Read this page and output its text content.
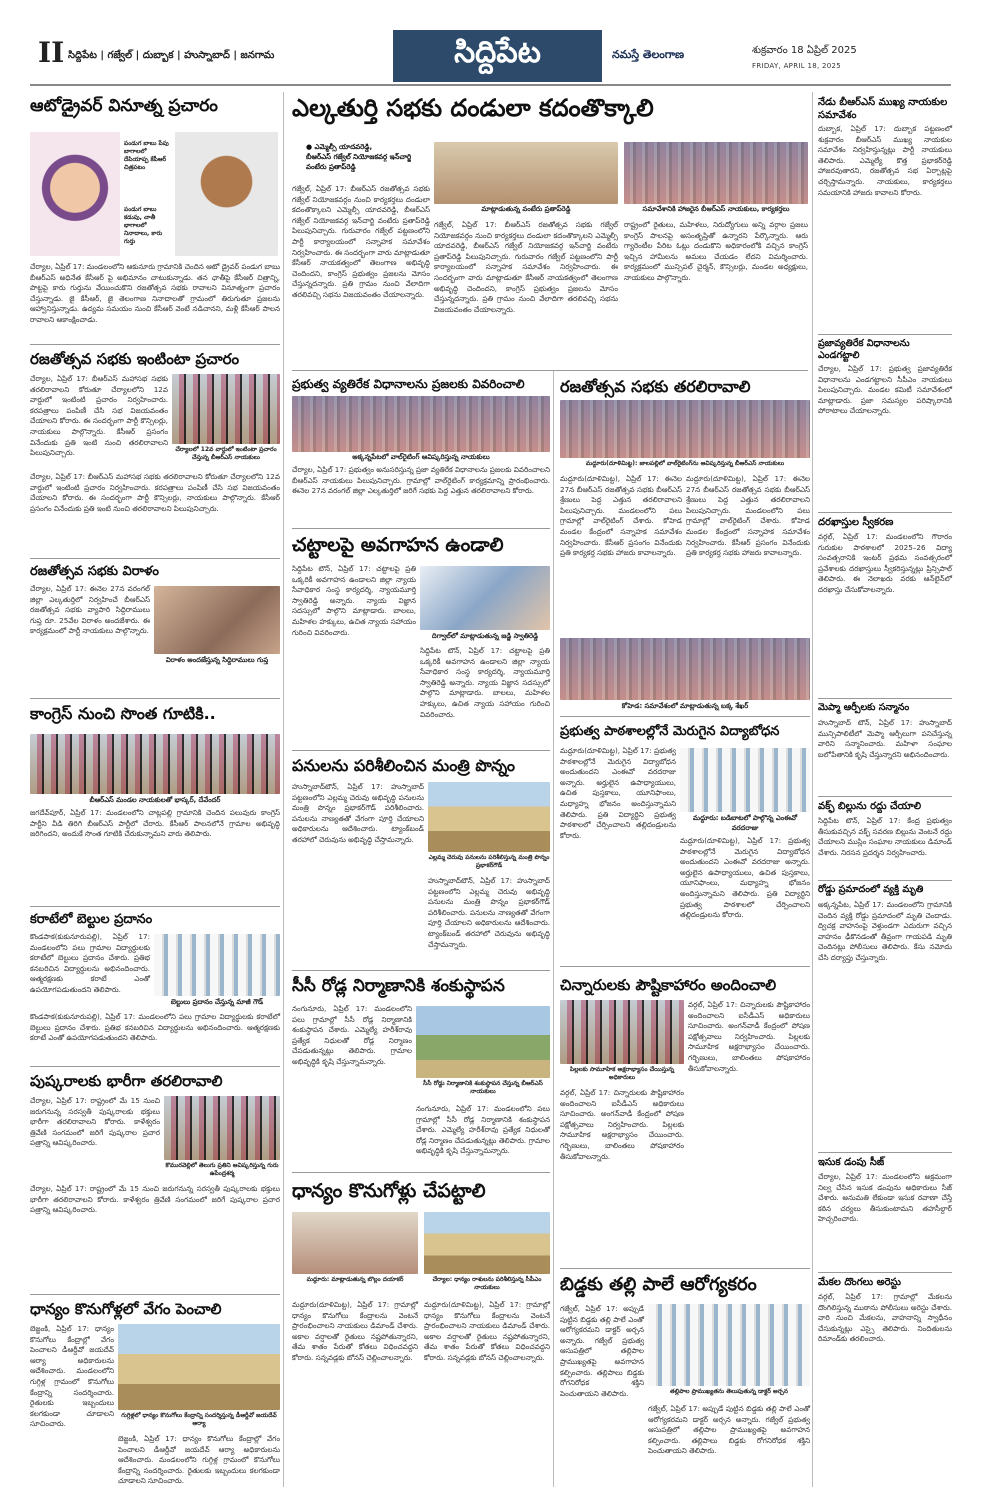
II సిద్దిపేట | గజ్వేల్ | దుబ్బాక | హుస్నాబాద్ | జనగామ	సిద్దిపేట	నమస్తే తెలంగాణ	శుక్రవారం 18 ఏప్రిల్ 2025
FRIDAY, APRIL 18, 2025
ఆటోడ్రైవర్ వినూత్న ప్రచారం
పండుగ బాబు పేపు బాగాలలో దేపియాప్ప కేపీఆర్ చిత్రపటం
పండుగ బాబు కడుపు, చాతీ భాగాలలో నినాదాలు, కారు గుర్తు
చేర్యాల, ఏప్రిల్ 17: మండలంలోని ఆకునూరు గ్రామానికి చెందిన ఆటో డ్రైవర్ పండుగ బాబు బీఆర్ఎస్ అధినేత కేసీఆర్ పై అభిమానం చాటుకున్నాడు. తన ఛాతీపై కేసీఆర్ చిత్రాన్ని, పొట్టపై కారు గుర్తును వేయించుకొని రజతోత్సవ సభకు రావాలని వినూత్నంగా ప్రచారం చేస్తున్నాడు. జై కేసీఆర్, జై తెలంగాణ నినాదాలతో గ్రామంలో తిరుగుతూ ప్రజలను ఆహ్వానిస్తున్నాడు. ఉద్యమ సమయం నుంచి కేసీఆర్ వెంటే నడిచానని, మళ్లీ కేసీఆర్ పాలన రావాలని ఆకాంక్షించాడు.
రజతోత్సవ సభకు ఇంటింటా ప్రచారం
చేర్యాల, ఏప్రిల్ 17: బీఆర్ఎస్ మహాసభ సభకు తరలిరావాలని కోరుతూ చేర్యాలలోని 12వ వార్డులో ఇంటింటి ప్రచారం నిర్వహించారు. కరపత్రాలు పంపిణీ చేసి సభ విజయవంతం చేయాలని కోరారు. ఈ సందర్భంగా పార్టీ కౌన్సిలర్లు, నాయకులు పాల్గొన్నారు. కేసీఆర్ ప్రసంగం వినేందుకు ప్రతి ఇంటి నుంచి తరలిరావాలని పిలుపునిచ్చారు.	చేర్యాలలో 12వ వార్డులో ఇంటింటా ప్రచారం చేస్తున్న బీఆర్ఎస్ నాయకులు
చేర్యాల, ఏప్రిల్ 17: బీఆర్ఎస్ మహాసభ సభకు తరలిరావాలని కోరుతూ చేర్యాలలోని 12వ వార్డులో ఇంటింటి ప్రచారం నిర్వహించారు. కరపత్రాలు పంపిణీ చేసి సభ విజయవంతం చేయాలని కోరారు. ఈ సందర్భంగా పార్టీ కౌన్సిలర్లు, నాయకులు పాల్గొన్నారు. కేసీఆర్ ప్రసంగం వినేందుకు ప్రతి ఇంటి నుంచి తరలిరావాలని పిలుపునిచ్చారు.
రజతోత్సవ సభకు విరాళం
చేర్యాల, ఏప్రిల్ 17: ఈనెల 27న వరంగల్ జిల్లా ఎల్కతుర్తిలో నిర్వహించే బీఆర్ఎస్ రజతోత్సవ సభకు వ్యాపారి సిద్దిరాములు గుప్త రూ. 25వేల విరాళం అందజేశారు. ఈ కార్యక్రమంలో పార్టీ నాయకులు పాల్గొన్నారు.
విరాళం అందజేస్తున్న సిద్దిరాములు గుప్త
కాంగ్రెస్ నుంచి సొంత గూటికి..
బీఆర్ఎస్ మండల నాయకులతో భాస్కర్, దేవేందర్
జగదేవ్‌పూర్, ఏప్రిల్ 17: మండలంలోని చాట్లపల్లి గ్రామానికి చెందిన పలువురు కాంగ్రెస్ పార్టీని వీడి తిరిగి బీఆర్ఎస్ పార్టీలో చేరారు. కేసీఆర్ పాలనలోనే గ్రామాల అభివృద్ధి జరిగిందని, అందుకే సొంత గూటికి చేరుకున్నామని వారు తెలిపారు.
కరాటేలో బెల్టుల ప్రదానం
కొండపాక(కుకునూరుపల్లి), ఏప్రిల్ 17: మండలంలోని పలు గ్రామాల విద్యార్థులకు కరాటేలో బెల్టులు ప్రదానం చేశారు. ప్రతిభ కనబరిచిన విద్యార్థులను అభినందించారు. ఆత్మరక్షణకు కరాటే ఎంతో ఉపయోగపడుతుందని తెలిపారు.
బెల్టులు ప్రదానం చేస్తున్న మాజీ గౌడ్
కొండపాక(కుకునూరుపల్లి), ఏప్రిల్ 17: మండలంలోని పలు గ్రామాల విద్యార్థులకు కరాటేలో బెల్టులు ప్రదానం చేశారు. ప్రతిభ కనబరిచిన విద్యార్థులను అభినందించారు. ఆత్మరక్షణకు కరాటే ఎంతో ఉపయోగపడుతుందని తెలిపారు.
పుష్కరాలకు భారీగా తరలిరావాలి
చేర్యాల, ఏప్రిల్ 17: రాష్ట్రంలో మే 15 నుంచి జరుగనున్న సరస్వతీ పుష్కరాలకు భక్తులు భారీగా తరలిరావాలని కోరారు. కాళేశ్వరం త్రివేణి సంగమంలో జరిగే పుష్కరాల ప్రచార పత్రాన్ని ఆవిష్కరించారు.
కొమురవెల్లిలో తెలుగు ప్రతిని ఆవిష్కరిస్తున్న గురు ఉపేంద్రశర్మ
చేర్యాల, ఏప్రిల్ 17: రాష్ట్రంలో మే 15 నుంచి జరుగనున్న సరస్వతీ పుష్కరాలకు భక్తులు భారీగా తరలిరావాలని కోరారు. కాళేశ్వరం త్రివేణి సంగమంలో జరిగే పుష్కరాల ప్రచార పత్రాన్ని ఆవిష్కరించారు.
ధాన్యం కొనుగోళ్లలో వేగం పెంచాలి
బెజ్జంకి, ఏప్రిల్ 17: ధాన్యం కొనుగోలు కేంద్రాల్లో వేగం పెంచాలని డీఆర్డీవో జయదేవ్ ఆర్యా అధికారులను ఆదేశించారు. మండలంలోని గుగ్గిళ్ల గ్రామంలో కొనుగోలు కేంద్రాన్ని సందర్శించారు. రైతులకు ఇబ్బందులు కలగకుండా చూడాలని సూచించారు.
గుగ్గిళ్లలో ధాన్యం కొనుగోలు కేంద్రాన్ని సందర్శిస్తున్న డీఆర్డీవో జయదేవ్ ఆర్యా
బెజ్జంకి, ఏప్రిల్ 17: ధాన్యం కొనుగోలు కేంద్రాల్లో వేగం పెంచాలని డీఆర్డీవో జయదేవ్ ఆర్యా అధికారులను ఆదేశించారు. మండలంలోని గుగ్గిళ్ల గ్రామంలో కొనుగోలు కేంద్రాన్ని సందర్శించారు. రైతులకు ఇబ్బందులు కలగకుండా చూడాలని సూచించారు.
ఎల్కతుర్తి సభకు దండులా కదంతొక్కాలి
● ఎమ్మెల్సీ యాదవరెడ్డి,
బీఆర్ఎస్ గజ్వేల్ నియోజకవర్గ ఇన్‌చార్జి వంటేరు ప్రతాప్‌రెడ్డి
గజ్వేల్, ఏప్రిల్ 17: బీఆర్ఎస్ రజతోత్సవ సభకు గజ్వేల్ నియోజకవర్గం నుంచి కార్యకర్తలు దండులా కదంతొక్కాలని ఎమ్మెల్సీ యాదవరెడ్డి, బీఆర్ఎస్ గజ్వేల్ నియోజకవర్గ ఇన్‌చార్జి వంటేరు ప్రతాప్‌రెడ్డి పిలుపునిచ్చారు. గురువారం గజ్వేల్ పట్టణంలోని పార్టీ కార్యాలయంలో సన్నాహక సమావేశం నిర్వహించారు. ఈ సందర్భంగా వారు మాట్లాడుతూ కేసీఆర్ నాయకత్వంలో తెలంగాణ అభివృద్ధి చెందిందని, కాంగ్రెస్ ప్రభుత్వం ప్రజలను మోసం చేస్తున్నదన్నారు. ప్రతి గ్రామం నుంచి వేలాదిగా తరలివచ్చి సభను విజయవంతం చేయాలన్నారు.
మాట్లాడుతున్న వంటేరు ప్రతాప్‌రెడ్డి	సమావేశానికి హాజరైన బీఆర్ఎస్ నాయకులు, కార్యకర్తలు
గజ్వేల్, ఏప్రిల్ 17: బీఆర్ఎస్ రజతోత్సవ సభకు గజ్వేల్ నియోజకవర్గం నుంచి కార్యకర్తలు దండులా కదంతొక్కాలని ఎమ్మెల్సీ యాదవరెడ్డి, బీఆర్ఎస్ గజ్వేల్ నియోజకవర్గ ఇన్‌చార్జి వంటేరు ప్రతాప్‌రెడ్డి పిలుపునిచ్చారు. గురువారం గజ్వేల్ పట్టణంలోని పార్టీ కార్యాలయంలో సన్నాహక సమావేశం నిర్వహించారు. ఈ సందర్భంగా వారు మాట్లాడుతూ కేసీఆర్ నాయకత్వంలో తెలంగాణ అభివృద్ధి చెందిందని, కాంగ్రెస్ ప్రభుత్వం ప్రజలను మోసం చేస్తున్నదన్నారు. ప్రతి గ్రామం నుంచి వేలాదిగా తరలివచ్చి సభను విజయవంతం చేయాలన్నారు.
రాష్ట్రంలో రైతులు, మహిళలు, నిరుద్యోగులు అన్ని వర్గాల ప్రజలు కాంగ్రెస్ పాలనపై అసంతృప్తితో ఉన్నారని పేర్కొన్నారు. ఆరు గ్యారెంటీల పేరిట ఓట్లు దండుకొని అధికారంలోకి వచ్చిన కాంగ్రెస్ ఇచ్చిన హామీలను అమలు చేయడం లేదని విమర్శించారు. కార్యక్రమంలో మున్సిపల్ చైర్మన్, కౌన్సిలర్లు, మండల అధ్యక్షులు, నాయకులు పాల్గొన్నారు.
ప్రభుత్వ వ్యతిరేక విధానాలను ప్రజలకు వివరించాలి
అక్కన్నపేటలో వాల్‌రైటింగ్ ఆవిష్కరిస్తున్న నాయకులు
చేర్యాల, ఏప్రిల్ 17: ప్రభుత్వం అనుసరిస్తున్న ప్రజా వ్యతిరేక విధానాలను ప్రజలకు వివరించాలని బీఆర్ఎస్ నాయకులు పిలుపునిచ్చారు. గ్రామాల్లో వాల్‌రైటింగ్ కార్యక్రమాన్ని ప్రారంభించారు. ఈనెల 27న వరంగల్ జిల్లా ఎల్కతుర్తిలో జరిగే సభకు పెద్ద ఎత్తున తరలిరావాలని కోరారు.
చట్టాలపై అవగాహన ఉండాలి
సిద్దిపేట టౌన్, ఏప్రిల్ 17: చట్టాలపై ప్రతి ఒక్కరికీ అవగాహన ఉండాలని జిల్లా న్యాయ సేవాధికార సంస్థ కార్యదర్శి, న్యాయమూర్తి స్వాతిరెడ్డి అన్నారు. న్యాయ విజ్ఞాన సదస్సులో పాల్గొని మాట్లాడారు. బాలలు, మహిళల హక్కులు, ఉచిత న్యాయ సహాయం గురించి వివరించారు.	దిగ్వాల్‌లో మాట్లాడుతున్న జడ్జి స్వాతిరెడ్డి
సిద్దిపేట టౌన్, ఏప్రిల్ 17: చట్టాలపై ప్రతి ఒక్కరికీ అవగాహన ఉండాలని జిల్లా న్యాయ సేవాధికార సంస్థ కార్యదర్శి, న్యాయమూర్తి స్వాతిరెడ్డి అన్నారు. న్యాయ విజ్ఞాన సదస్సులో పాల్గొని మాట్లాడారు. బాలలు, మహిళల హక్కులు, ఉచిత న్యాయ సహాయం గురించి వివరించారు.
పనులను పరిశీలించిన మంత్రి పొన్నం
హుస్నాబాద్‌టౌన్, ఏప్రిల్ 17: హుస్నాబాద్ పట్టణంలోని ఎల్లమ్మ చెరువు అభివృద్ధి పనులను మంత్రి పొన్నం ప్రభాకర్‌గౌడ్ పరిశీలించారు. పనులను నాణ్యతతో వేగంగా పూర్తి చేయాలని అధికారులను ఆదేశించారు. ట్యాంక్‌బండ్ తరహాలో చెరువును అభివృద్ధి చేస్తామన్నారు.
ఎల్లమ్మ చెరువు పనులను పరిశీలిస్తున్న మంత్రి పొన్నం ప్రభాకర్‌గౌడ్
హుస్నాబాద్‌టౌన్, ఏప్రిల్ 17: హుస్నాబాద్ పట్టణంలోని ఎల్లమ్మ చెరువు అభివృద్ధి పనులను మంత్రి పొన్నం ప్రభాకర్‌గౌడ్ పరిశీలించారు. పనులను నాణ్యతతో వేగంగా పూర్తి చేయాలని అధికారులను ఆదేశించారు. ట్యాంక్‌బండ్ తరహాలో చెరువును అభివృద్ధి చేస్తామన్నారు.
సీసీ రోడ్ల నిర్మాణానికి శంకుస్థాపన
నంగునూరు, ఏప్రిల్ 17: మండలంలోని పలు గ్రామాల్లో సీసీ రోడ్ల నిర్మాణానికి శంకుస్థాపన చేశారు. ఎమ్మెల్యే హరీశ్‌రావు ప్రత్యేక నిధులతో రోడ్ల నిర్మాణం చేపడుతున్నట్లు తెలిపారు. గ్రామాల అభివృద్ధికి కృషి చేస్తున్నామన్నారు.
సీసీ రోడ్డు నిర్మాణానికి శంకుస్థాపన చేస్తున్న బీఆర్ఎస్ నాయకులు
నంగునూరు, ఏప్రిల్ 17: మండలంలోని పలు గ్రామాల్లో సీసీ రోడ్ల నిర్మాణానికి శంకుస్థాపన చేశారు. ఎమ్మెల్యే హరీశ్‌రావు ప్రత్యేక నిధులతో రోడ్ల నిర్మాణం చేపడుతున్నట్లు తెలిపారు. గ్రామాల అభివృద్ధికి కృషి చేస్తున్నామన్నారు.
ధాన్యం కొనుగోళ్లు చేపట్టాలి
మద్దూరు: మాట్లాడుతున్న బొల్లం దయాకర్	చేర్యాల: ధాన్యం రాశులను పరిశీలిస్తున్న సీపీఎం నాయకులు
మద్దూరు(దూళిమిట్ట), ఏప్రిల్ 17: గ్రామాల్లో ధాన్యం కొనుగోలు కేంద్రాలను వెంటనే ప్రారంభించాలని నాయకులు డిమాండ్ చేశారు. అకాల వర్షాలతో రైతులు నష్టపోతున్నారని, తేమ శాతం పేరుతో కోతలు విధించవద్దని కోరారు. సన్నవడ్లకు బోనస్ చెల్లించాలన్నారు.
మద్దూరు(దూళిమిట్ట), ఏప్రిల్ 17: గ్రామాల్లో ధాన్యం కొనుగోలు కేంద్రాలను వెంటనే ప్రారంభించాలని నాయకులు డిమాండ్ చేశారు. అకాల వర్షాలతో రైతులు నష్టపోతున్నారని, తేమ శాతం పేరుతో కోతలు విధించవద్దని కోరారు. సన్నవడ్లకు బోనస్ చెల్లించాలన్నారు.
రజతోత్సవ సభకు తరలిరావాలి
మద్దూరు(దూళిమిట్ట): జాలపల్లిలో వాల్‌రైటింగ్‌ను ఆవిష్కరిస్తున్న బీఆర్ఎస్ నాయకులు
మద్దూరు(దూళిమిట్ట), ఏప్రిల్ 17: ఈనెల 27న బీఆర్ఎస్ రజతోత్సవ సభకు బీఆర్ఎస్ శ్రేణులు పెద్ద ఎత్తున తరలిరావాలని పిలుపునిచ్చారు. మండలంలోని పలు గ్రామాల్లో వాల్‌రైటింగ్ చేశారు. కోహెడ మండల కేంద్రంలో సన్నాహక సమావేశం నిర్వహించారు. కేసీఆర్ ప్రసంగం వినేందుకు ప్రతి కార్యకర్త సభకు హాజరు కావాలన్నారు.
మద్దూరు(దూళిమిట్ట), ఏప్రిల్ 17: ఈనెల 27న బీఆర్ఎస్ రజతోత్సవ సభకు బీఆర్ఎస్ శ్రేణులు పెద్ద ఎత్తున తరలిరావాలని పిలుపునిచ్చారు. మండలంలోని పలు గ్రామాల్లో వాల్‌రైటింగ్ చేశారు. కోహెడ మండల కేంద్రంలో సన్నాహక సమావేశం నిర్వహించారు. కేసీఆర్ ప్రసంగం వినేందుకు ప్రతి కార్యకర్త సభకు హాజరు కావాలన్నారు.
కోహెడ: సమావేశంలో మాట్లాడుతున్న బక్క శేఖర్
ప్రభుత్వ పాఠశాలల్లోనే మెరుగైన విద్యాబోధన
మద్దూరు(దూళిమిట్ట), ఏప్రిల్ 17: ప్రభుత్వ పాఠశాలల్లోనే మెరుగైన విద్యాబోధన అందుతుందని ఎంఈవో వరదరాజు అన్నారు. అర్హులైన ఉపాధ్యాయులు, ఉచిత పుస్తకాలు, యూనిఫాంలు, మధ్యాహ్న భోజనం అందిస్తున్నామని తెలిపారు. ప్రతి విద్యార్థిని ప్రభుత్వ పాఠశాలలో చేర్పించాలని తల్లిదండ్రులను కోరారు.
మద్దూరు: బడిబాటలో పాల్గొన్న ఎంఈవో వరదరాజు
మద్దూరు(దూళిమిట్ట), ఏప్రిల్ 17: ప్రభుత్వ పాఠశాలల్లోనే మెరుగైన విద్యాబోధన అందుతుందని ఎంఈవో వరదరాజు అన్నారు. అర్హులైన ఉపాధ్యాయులు, ఉచిత పుస్తకాలు, యూనిఫాంలు, మధ్యాహ్న భోజనం అందిస్తున్నామని తెలిపారు. ప్రతి విద్యార్థిని ప్రభుత్వ పాఠశాలలో చేర్పించాలని తల్లిదండ్రులను కోరారు.
చిన్నారులకు పౌష్టికాహారం అందించాలి
పిల్లలకు సామూహిక అక్షరాభ్యాసం చేయిస్తున్న అధికారులు
వర్గల్, ఏప్రిల్ 17: చిన్నారులకు పౌష్టికాహారం అందించాలని ఐసీడీఎస్ అధికారులు సూచించారు. అంగన్‌వాడీ కేంద్రంలో పోషణ పక్షోత్సవాలు నిర్వహించారు. పిల్లలకు సామూహిక అక్షరాభ్యాసం చేయించారు. గర్భిణులు, బాలింతలు పోషకాహారం తీసుకోవాలన్నారు.
వర్గల్, ఏప్రిల్ 17: చిన్నారులకు పౌష్టికాహారం అందించాలని ఐసీడీఎస్ అధికారులు సూచించారు. అంగన్‌వాడీ కేంద్రంలో పోషణ పక్షోత్సవాలు నిర్వహించారు. పిల్లలకు సామూహిక అక్షరాభ్యాసం చేయించారు. గర్భిణులు, బాలింతలు పోషకాహారం తీసుకోవాలన్నారు.
బిడ్డకు తల్లి పాలే ఆరోగ్యకరం
గజ్వేల్, ఏప్రిల్ 17: అప్పుడే పుట్టిన బిడ్డకు తల్లి పాలే ఎంతో ఆరోగ్యకరమని డాక్టర్ అర్చన అన్నారు. గజ్వేల్ ప్రభుత్వ ఆసుపత్రిలో తల్లిపాల ప్రాముఖ్యతపై అవగాహన కల్పించారు. తల్లిపాలు బిడ్డకు రోగనిరోధక శక్తిని పెంచుతాయని తెలిపారు.	తల్లిపాల ప్రాముఖ్యతను తెలుపుతున్న డాక్టర్ అర్చన
గజ్వేల్, ఏప్రిల్ 17: అప్పుడే పుట్టిన బిడ్డకు తల్లి పాలే ఎంతో ఆరోగ్యకరమని డాక్టర్ అర్చన అన్నారు. గజ్వేల్ ప్రభుత్వ ఆసుపత్రిలో తల్లిపాల ప్రాముఖ్యతపై అవగాహన కల్పించారు. తల్లిపాలు బిడ్డకు రోగనిరోధక శక్తిని పెంచుతాయని తెలిపారు.
నేడు బీఆర్ఎస్ ముఖ్య నాయకుల సమావేశం
దుబ్బాక, ఏప్రిల్ 17: దుబ్బాక పట్టణంలో శుక్రవారం బీఆర్ఎస్ ముఖ్య నాయకుల సమావేశం నిర్వహిస్తున్నట్లు పార్టీ నాయకులు తెలిపారు. ఎమ్మెల్యే కొత్త ప్రభాకర్‌రెడ్డి హాజరవుతారని, రజతోత్సవ సభ ఏర్పాట్లపై చర్చిస్తామన్నారు. నాయకులు, కార్యకర్తలు సమయానికి హాజరు కావాలని కోరారు.
ప్రజావ్యతిరేక విధానాలను ఎండగట్టాలి
చేర్యాల, ఏప్రిల్ 17: ప్రభుత్వ ప్రజావ్యతిరేక విధానాలను ఎండగట్టాలని సీపీఎం నాయకులు పిలుపునిచ్చారు. మండల కమిటీ సమావేశంలో మాట్లాడారు. ప్రజా సమస్యల పరిష్కారానికి పోరాటాలు చేయాలన్నారు.
దరఖాస్తుల స్వీకరణ
వర్గల్, ఏప్రిల్ 17: మండలంలోని గౌరారం గురుకుల పాఠశాలలో 2025–26 విద్యా సంవత్సరానికి ఇంటర్ ప్రథమ సంవత్సరంలో ప్రవేశాలకు దరఖాస్తులు స్వీకరిస్తున్నట్లు ప్రిన్సిపాల్ తెలిపారు. ఈ నెలాఖరు వరకు ఆన్‌లైన్‌లో దరఖాస్తు చేసుకోవాలన్నారు.
మెప్మా ఆర్పీలకు సన్మానం
హుస్నాబాద్ టౌన్, ఏప్రిల్ 17: హుస్నాబాద్ మున్సిపాలిటీలో మెప్మా ఆర్పీలుగా పనిచేస్తున్న వారిని సన్మానించారు. మహిళా సంఘాల బలోపేతానికి కృషి చేస్తున్నారని అభినందించారు.
వక్ఫ్ బిల్లును రద్దు చేయాలి
సిద్దిపేట టౌన్, ఏప్రిల్ 17: కేంద్ర ప్రభుత్వం తీసుకువచ్చిన వక్ఫ్ సవరణ బిల్లును వెంటనే రద్దు చేయాలని ముస్లిం సంఘాల నాయకులు డిమాండ్ చేశారు. నిరసన ప్రదర్శన నిర్వహించారు.
రోడ్డు ప్రమాదంలో వ్యక్తి మృతి
అక్కన్నపేట, ఏప్రిల్ 17: మండలంలోని గ్రామానికి చెందిన వ్యక్తి రోడ్డు ప్రమాదంలో మృతి చెందాడు. ద్విచక్ర వాహనంపై వెళ్తుండగా ఎదురుగా వచ్చిన వాహనం ఢీకొనడంతో తీవ్రంగా గాయపడి మృతి చెందినట్లు పోలీసులు తెలిపారు. కేసు నమోదు చేసి దర్యాప్తు చేస్తున్నారు.
ఇసుక డంపు సీజ్
చేర్యాల, ఏప్రిల్ 17: మండలంలోని అక్రమంగా నిల్వ చేసిన ఇసుక డంపును అధికారులు సీజ్ చేశారు. అనుమతి లేకుండా ఇసుక రవాణా చేస్తే కఠిన చర్యలు తీసుకుంటామని తహసీల్దార్ హెచ్చరించారు.
మేకల దొంగలు అరెస్టు
వర్గల్, ఏప్రిల్ 17: గ్రామాల్లో మేకలను దొంగిలిస్తున్న ముఠాను పోలీసులు అరెస్టు చేశారు. వారి నుంచి మేకలను, వాహనాన్ని స్వాధీనం చేసుకున్నట్లు ఎస్సై తెలిపారు. నిందితులను రిమాండ్‌కు తరలించారు.
